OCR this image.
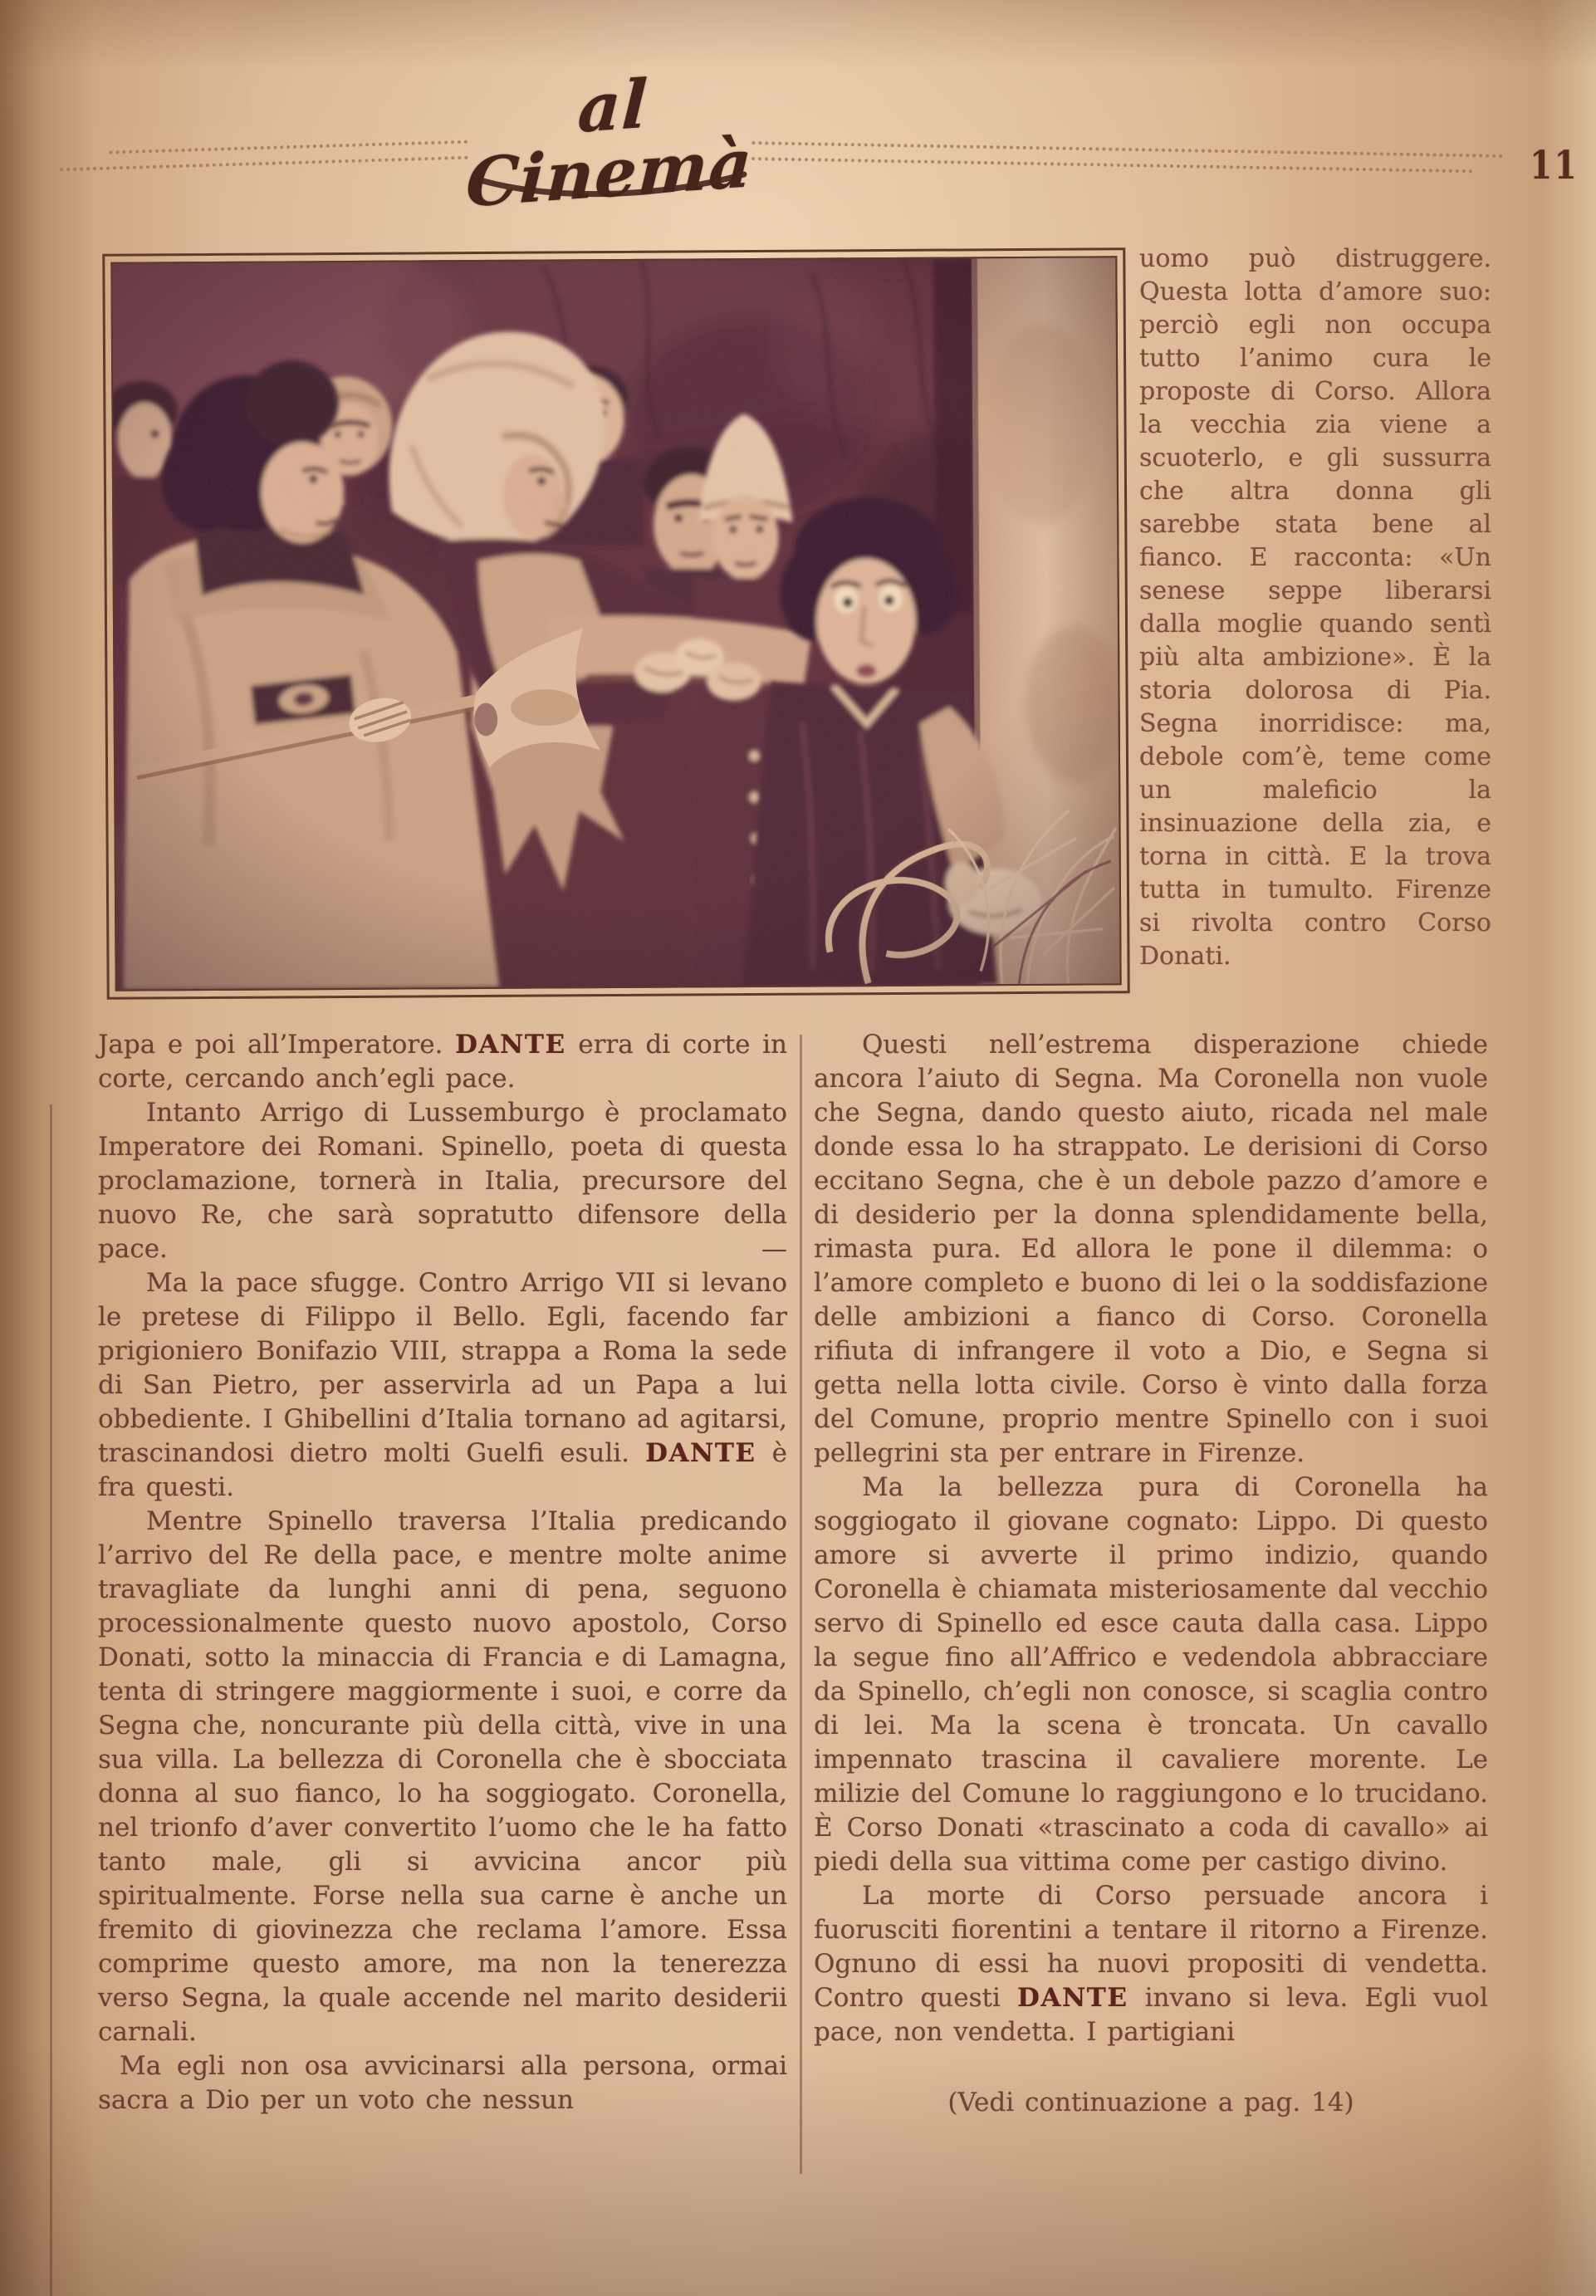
al Cinemà	11

uomo può distruggere. Questa lotta d’amore suo: perciò egli non occupa tutto l’animo cura le proposte di Corso. Allora la vecchia zia viene a scuoterlo, e gli sussurra che altra donna gli sarebbe stata bene al fianco. E racconta: «Un senese seppe liberarsi dalla moglie quando sentì più alta ambizione». È la storia dolorosa di Pia. Segna inorridisce: ma, debole com’è, teme come un maleficio la insinuazione della zia, e torna in città. E la trova tutta in tumulto. Firenze si rivolta contro Corso Donati.

Japa e poi all’Imperatore. DANTE erra di corte in corte, cercando anch’egli pace.

Intanto Arrigo di Lussemburgo è proclamato Imperatore dei Romani. Spinello, poeta di questa proclamazione, tornerà in Italia, precursore del nuovo Re, che sarà sopratutto difensore della pace.	—

Ma la pace sfugge. Contro Arrigo VII si levano le pretese di Filippo il Bello. Egli, facendo far prigioniero Bonifazio VIII, strappa a Roma la sede di San Pietro, per asservirla ad un Papa a lui obbediente. I Ghibellini d’Italia tornano ad agitarsi, trascinandosi dietro molti Guelfi esuli. DANTE è fra questi.

Mentre Spinello traversa l’Italia predicando l’arrivo del Re della pace, e mentre molte anime travagliate da lunghi anni di pena, seguono processionalmente questo nuovo apostolo, Corso Donati, sotto la minaccia di Francia e di Lamagna, tenta di stringere maggiormente i suoi, e corre da Segna che, noncurante più della città, vive in una sua villa. La bellezza di Coronella che è sbocciata donna al suo fianco, lo ha soggiogato. Coronella, nel trionfo d’aver convertito l’uomo che le ha fatto tanto male, gli si avvicina ancor più spiritualmente. Forse nella sua carne è anche un fremito di giovinezza che reclama l’amore. Essa comprime questo amore, ma non la tenerezza verso Segna, la quale accende nel marito desiderii carnali.

Ma egli non osa avvicinarsi alla persona, ormai sacra a Dio per un voto che nessun

Questi nell’estrema disperazione chiede ancora l’aiuto di Segna. Ma Coronella non vuole che Segna, dando questo aiuto, ricada nel male donde essa lo ha strappato. Le derisioni di Corso eccitano Segna, che è un debole pazzo d’amore e di desiderio per la donna splendidamente bella, rimasta pura. Ed allora le pone il dilemma: o l’amore completo e buono di lei o la soddisfazione delle ambizioni a fianco di Corso. Coronella rifiuta di infrangere il voto a Dio, e Segna si getta nella lotta civile. Corso è vinto dalla forza del Comune, proprio mentre Spinello con i suoi pellegrini sta per entrare in Firenze.

Ma la bellezza pura di Coronella ha soggiogato il giovane cognato: Lippo. Di questo amore si avverte il primo indizio, quando Coronella è chiamata misteriosamente dal vecchio servo di Spinello ed esce cauta dalla casa. Lippo la segue fino all’Affrico e vedendola abbracciare da Spinello, ch’egli non conosce, si scaglia contro di lei. Ma la scena è troncata. Un cavallo impennato trascina il cavaliere morente. Le milizie del Comune lo raggiungono e lo trucidano. È Corso Donati «trascinato a coda di cavallo» ai piedi della sua vittima come per castigo divino.

La morte di Corso persuade ancora i fuorusciti fiorentini a tentare il ritorno a Firenze. Ognuno di essi ha nuovi propositi di vendetta. Contro questi DANTE invano si leva. Egli vuol pace, non vendetta. I partigiani

(Vedi continuazione a pag. 14)
